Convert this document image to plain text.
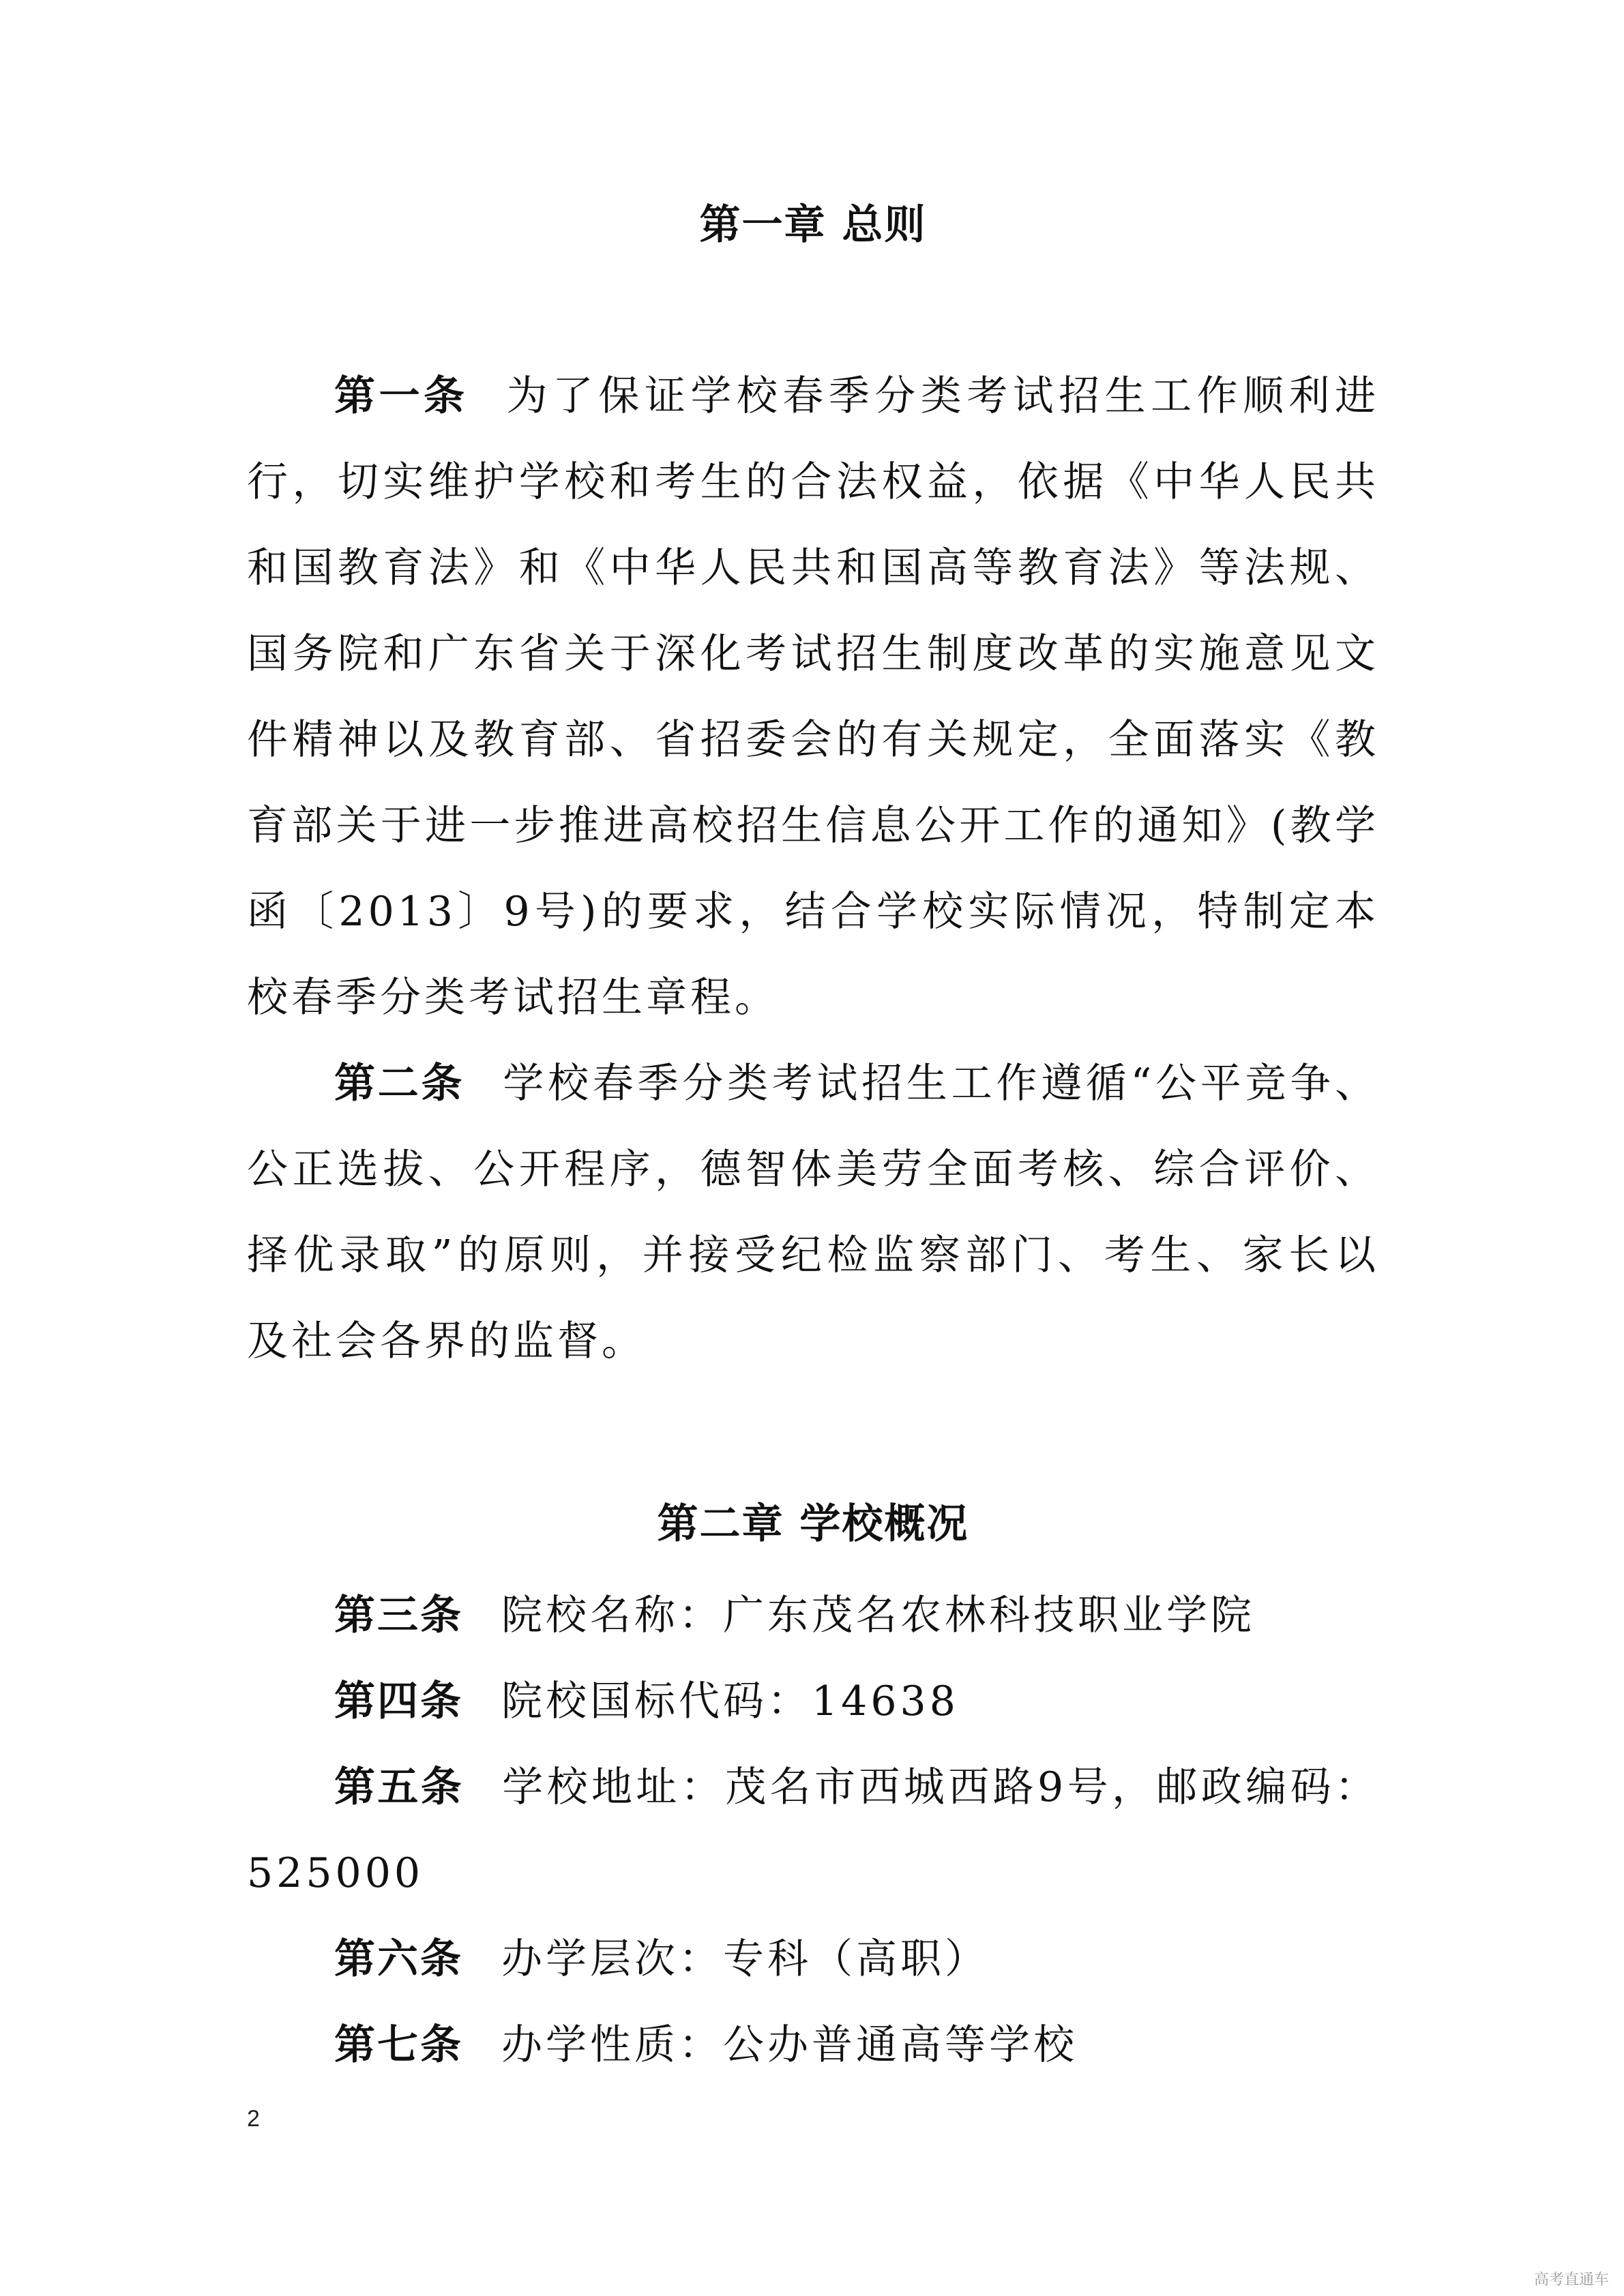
第一章 总则

第一条 为了保证学校春季分类考试招生工作顺利进行，切实维护学校和考生的合法权益，依据《中华人民共和国教育法》和《中华人民共和国高等教育法》等法规、国务院和广东省关于深化考试招生制度改革的实施意见文件精神以及教育部、省招委会的有关规定，全面落实《教育部关于进一步推进高校招生信息公开工作的通知》(教学函〔2013〕9号)的要求，结合学校实际情况，特制定本校春季分类考试招生章程。

第二条 学校春季分类考试招生工作遵循“公平竞争、公正选拔、公开程序，德智体美劳全面考核、综合评价、择优录取”的原则，并接受纪检监察部门、考生、家长以及社会各界的监督。

第二章 学校概况

第三条 院校名称：广东茂名农林科技职业学院

第四条 院校国标代码：14638

第五条 学校地址：茂名市西城西路9号，邮政编码：525000

第六条 办学层次：专科（高职）

第七条 办学性质：公办普通高等学校

2
高考直通车
